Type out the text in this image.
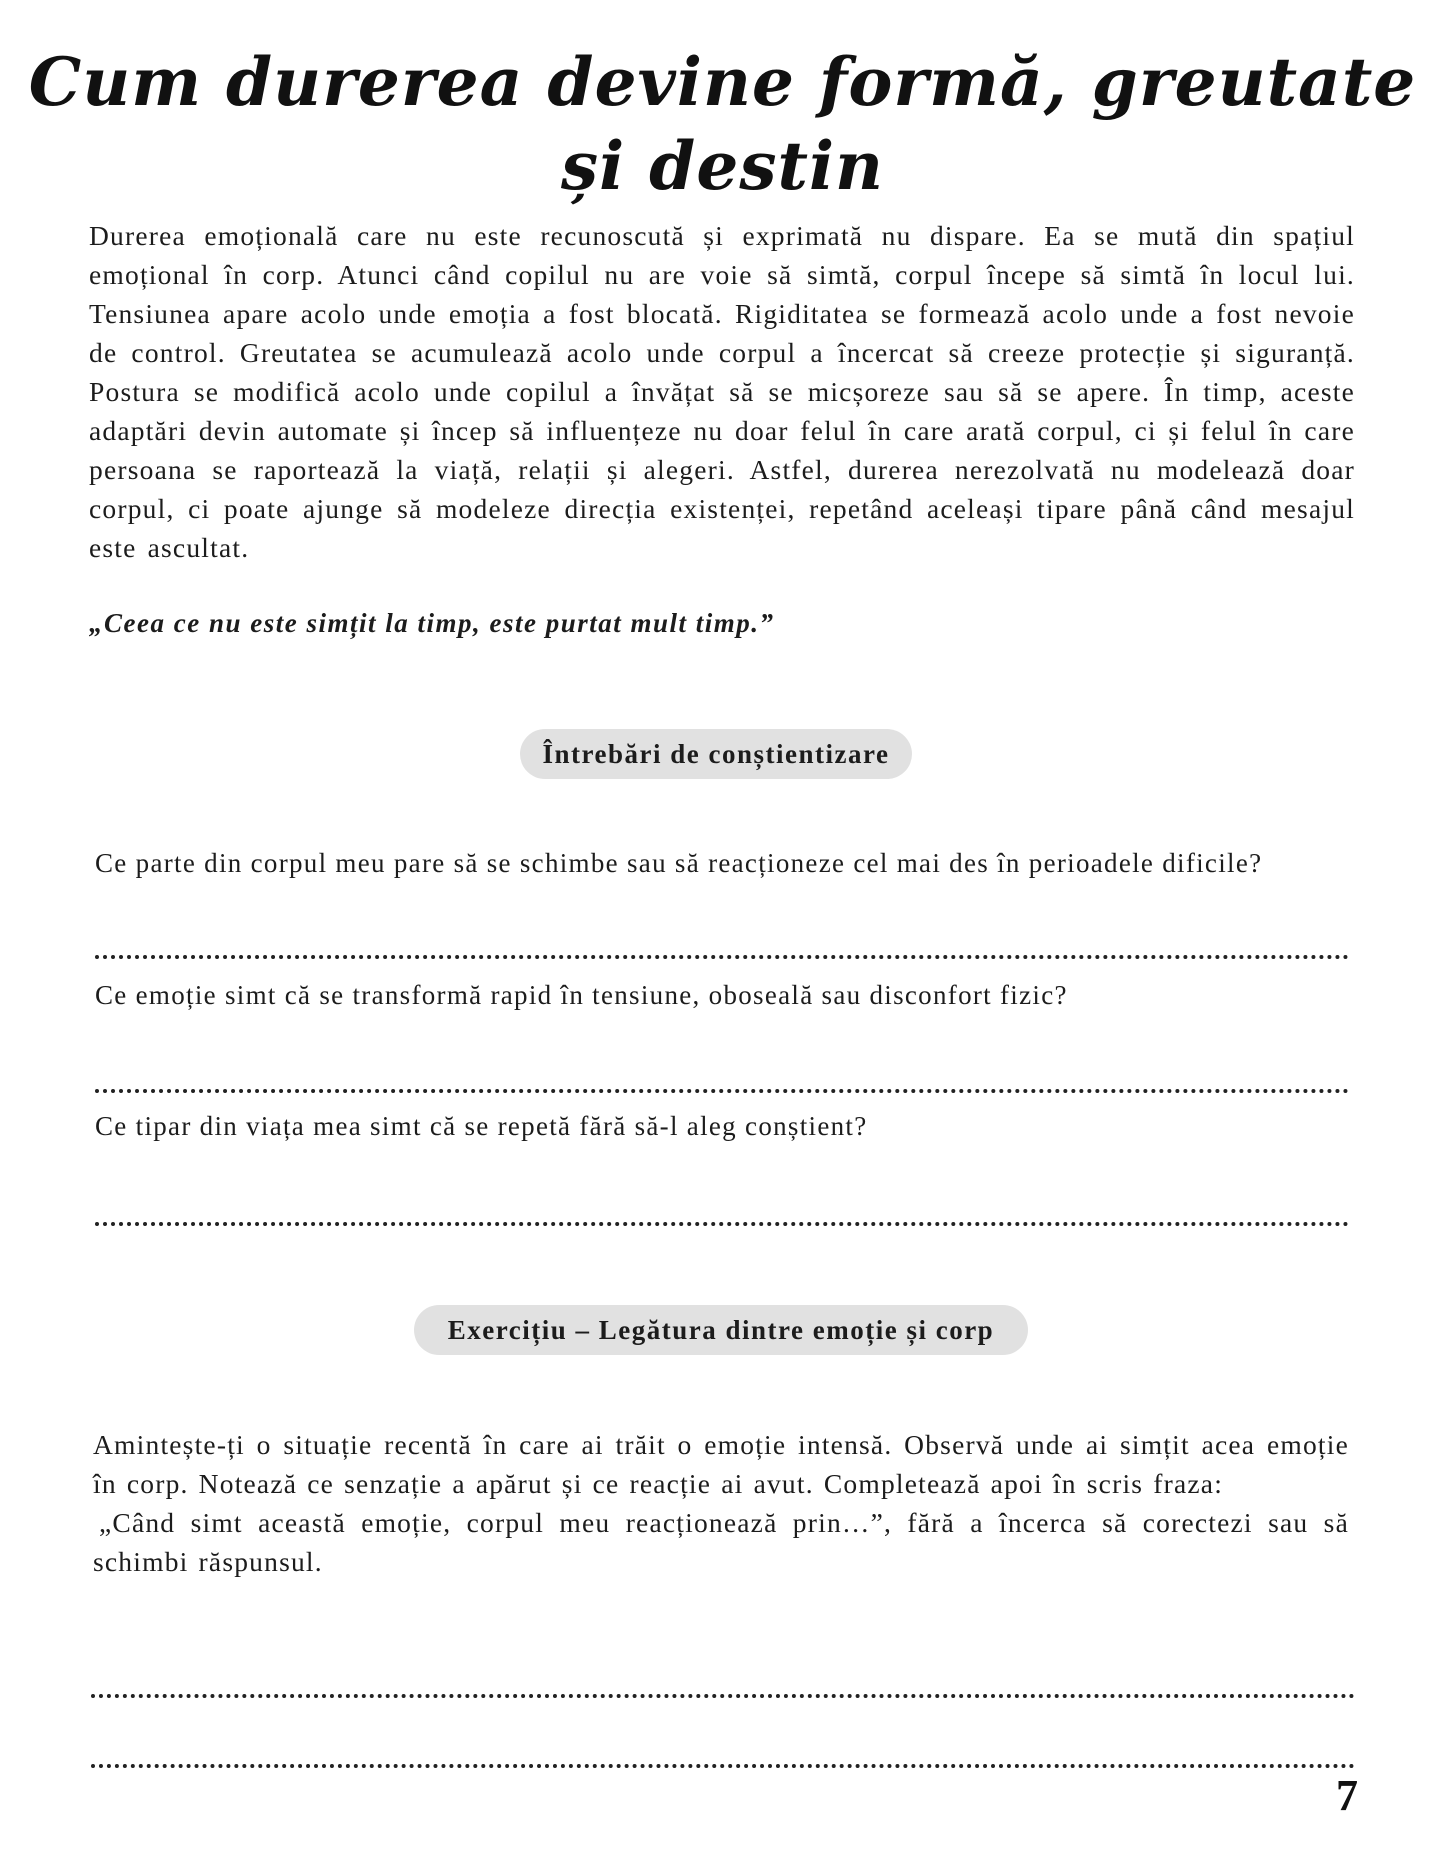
Cum durerea devine formă, greutate
și destin

Durerea emoțională care nu este recunoscută și exprimată nu dispare. Ea se mută din spațiul emoțional în corp. Atunci când copilul nu are voie să simtă, corpul începe să simtă în locul lui. Tensiunea apare acolo unde emoția a fost blocată. Rigiditatea se formează acolo unde a fost nevoie de control. Greutatea se acumulează acolo unde corpul a încercat să creeze protecție și siguranță. Postura se modifică acolo unde copilul a învățat să se micșoreze sau să se apere. În timp, aceste adaptări devin automate și încep să influențeze nu doar felul în care arată corpul, ci și felul în care persoana se raportează la viață, relații și alegeri. Astfel, durerea nerezolvată nu modelează doar corpul, ci poate ajunge să modeleze direcția existenței, repetând aceleași tipare până când mesajul este ascultat.

„Ceea ce nu este simțit la timp, este purtat mult timp.”

Întrebări de conștientizare

Ce parte din corpul meu pare să se schimbe sau să reacționeze cel mai des în perioadele dificile?

Ce emoție simt că se transformă rapid în tensiune, oboseală sau disconfort fizic?

Ce tipar din viața mea simt că se repetă fără să-l aleg conștient?

Exercițiu – Legătura dintre emoție și corp

Amintește-ți o situație recentă în care ai trăit o emoție intensă. Observă unde ai simțit acea emoție în corp. Notează ce senzație a apărut și ce reacție ai avut. Completează apoi în scris fraza:

„Când simt această emoție, corpul meu reacționează prin…”, fără a încerca să corectezi sau să schimbi răspunsul.

7
